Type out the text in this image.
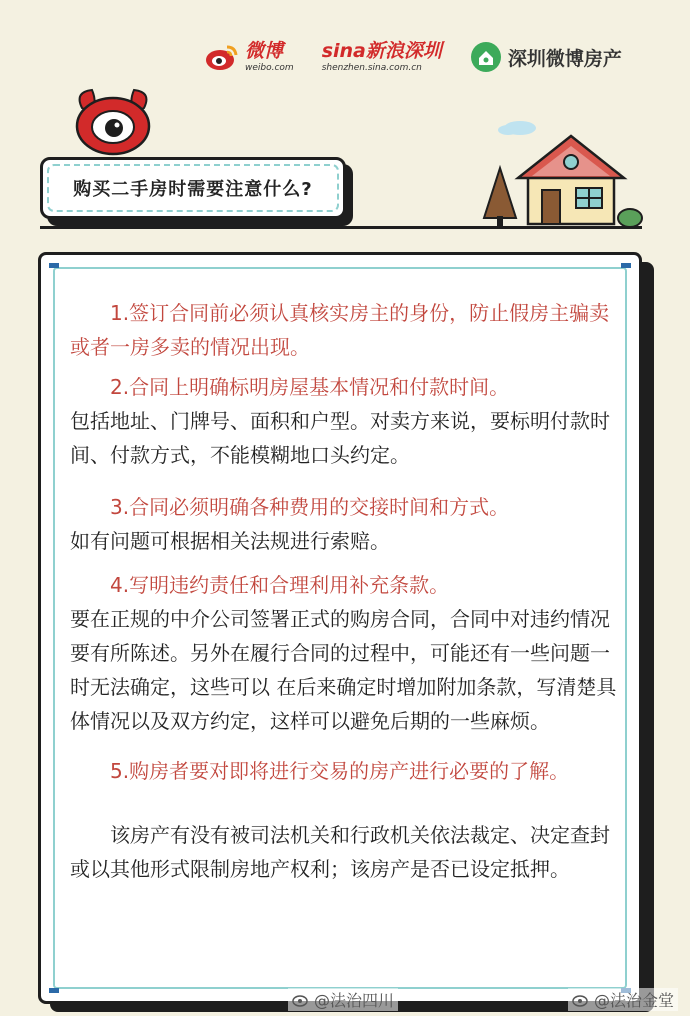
微博
weibo.com
sina新浪深圳
shenzhen.sina.com.cn	深圳微博房产
购买二手房时需要注意什么?

1.签订合同前必须认真核实房主的身份，防止假房主骗卖或者一房多卖的情况出现。

2.合同上明确标明房屋基本情况和付款时间。
包括地址、门牌号、面积和户型。对卖方来说，要标明付款时间、付款方式，不能模糊地口头约定。

3.合同必须明确各种费用的交接时间和方式。
如有问题可根据相关法规进行索赔。

4.写明违约责任和合理利用补充条款。
要在正规的中介公司签署正式的购房合同，合同中对违约情况要有所陈述。另外在履行合同的过程中，可能还有一些问题一时无法确定，这些可以 在后来确定时增加附加条款，写清楚具体情况以及双方约定，这样可以避免后期的一些麻烦。

5.购房者要对即将进行交易的房产进行必要的了解。

该房产有没有被司法机关和行政机关依法裁定、决定查封或以其他形式限制房地产权利；该房产是否已设定抵押。

@法治四川	@法治金堂
